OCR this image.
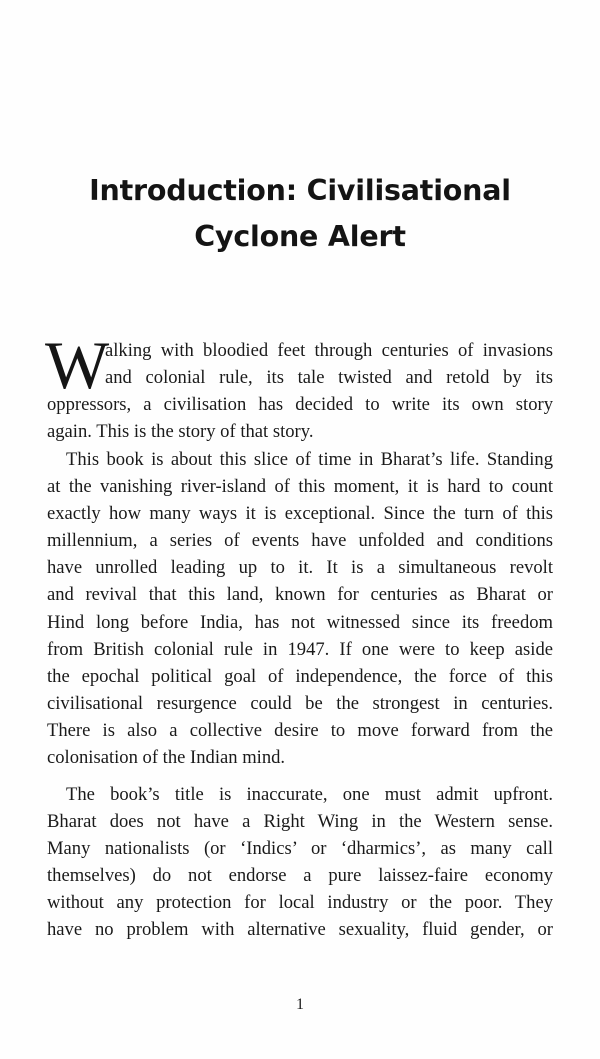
Introduction: Civilisational
Cyclone Alert
W
alking with bloodied feet through centuries of invasions
and colonial rule, its tale twisted and retold by its
oppressors, a civilisation has decided to write its own story
again. This is the story of that story.
This book is about this slice of time in Bharat’s life. Standing
at the vanishing river-island of this moment, it is hard to count
exactly how many ways it is exceptional. Since the turn of this
millennium, a series of events have unfolded and conditions
have unrolled leading up to it. It is a simultaneous revolt
and revival that this land, known for centuries as Bharat or
Hind long before India, has not witnessed since its freedom
from British colonial rule in 1947. If one were to keep aside
the epochal political goal of independence, the force of this
civilisational resurgence could be the strongest in centuries.
There is also a collective desire to move forward from the
colonisation of the Indian mind.
The book’s title is inaccurate, one must admit upfront.
Bharat does not have a Right Wing in the Western sense.
Many nationalists (or ‘Indics’ or ‘dharmics’, as many call
themselves) do not endorse a pure laissez-faire economy
without any protection for local industry or the poor. They
have no problem with alternative sexuality, fluid gender, or
1
